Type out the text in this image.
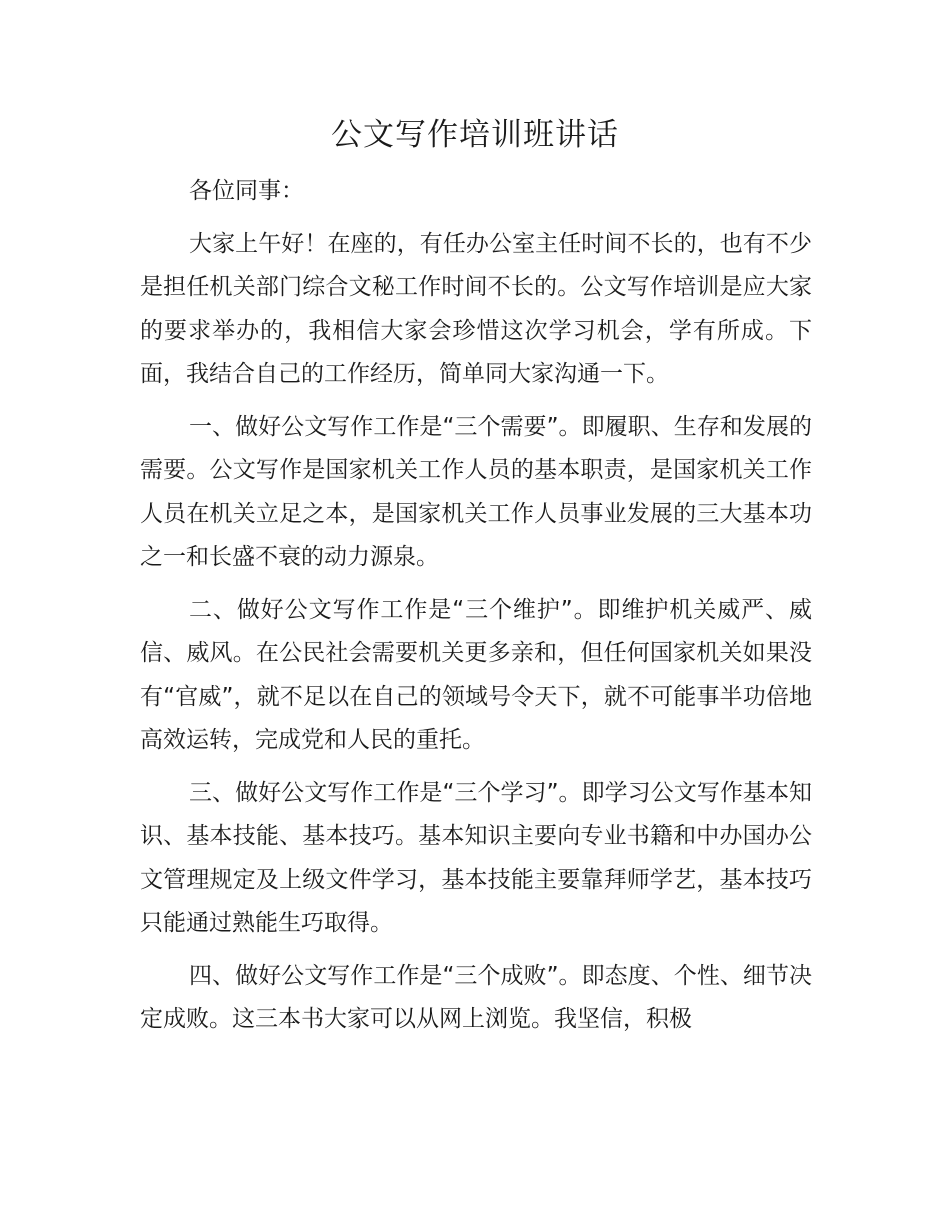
公文写作培训班讲话

各位同事：

大家上午好！在座的，有任办公室主任时间不长的，也有不少是担任机关部门综合文秘工作时间不长的。公文写作培训是应大家的要求举办的，我相信大家会珍惜这次学习机会，学有所成。下面，我结合自己的工作经历，简单同大家沟通一下。

一、做好公文写作工作是“三个需要”。即履职、生存和发展的需要。公文写作是国家机关工作人员的基本职责，是国家机关工作人员在机关立足之本，是国家机关工作人员事业发展的三大基本功之一和长盛不衰的动力源泉。

二、做好公文写作工作是“三个维护”。即维护机关威严、威信、威风。在公民社会需要机关更多亲和，但任何国家机关如果没有“官威”，就不足以在自己的领域号令天下，就不可能事半功倍地高效运转，完成党和人民的重托。

三、做好公文写作工作是“三个学习”。即学习公文写作基本知识、基本技能、基本技巧。基本知识主要向专业书籍和中办国办公文管理规定及上级文件学习，基本技能主要靠拜师学艺，基本技巧只能通过熟能生巧取得。

四、做好公文写作工作是“三个成败”。即态度、个性、细节决定成败。这三本书大家可以从网上浏览。我坚信，积极
